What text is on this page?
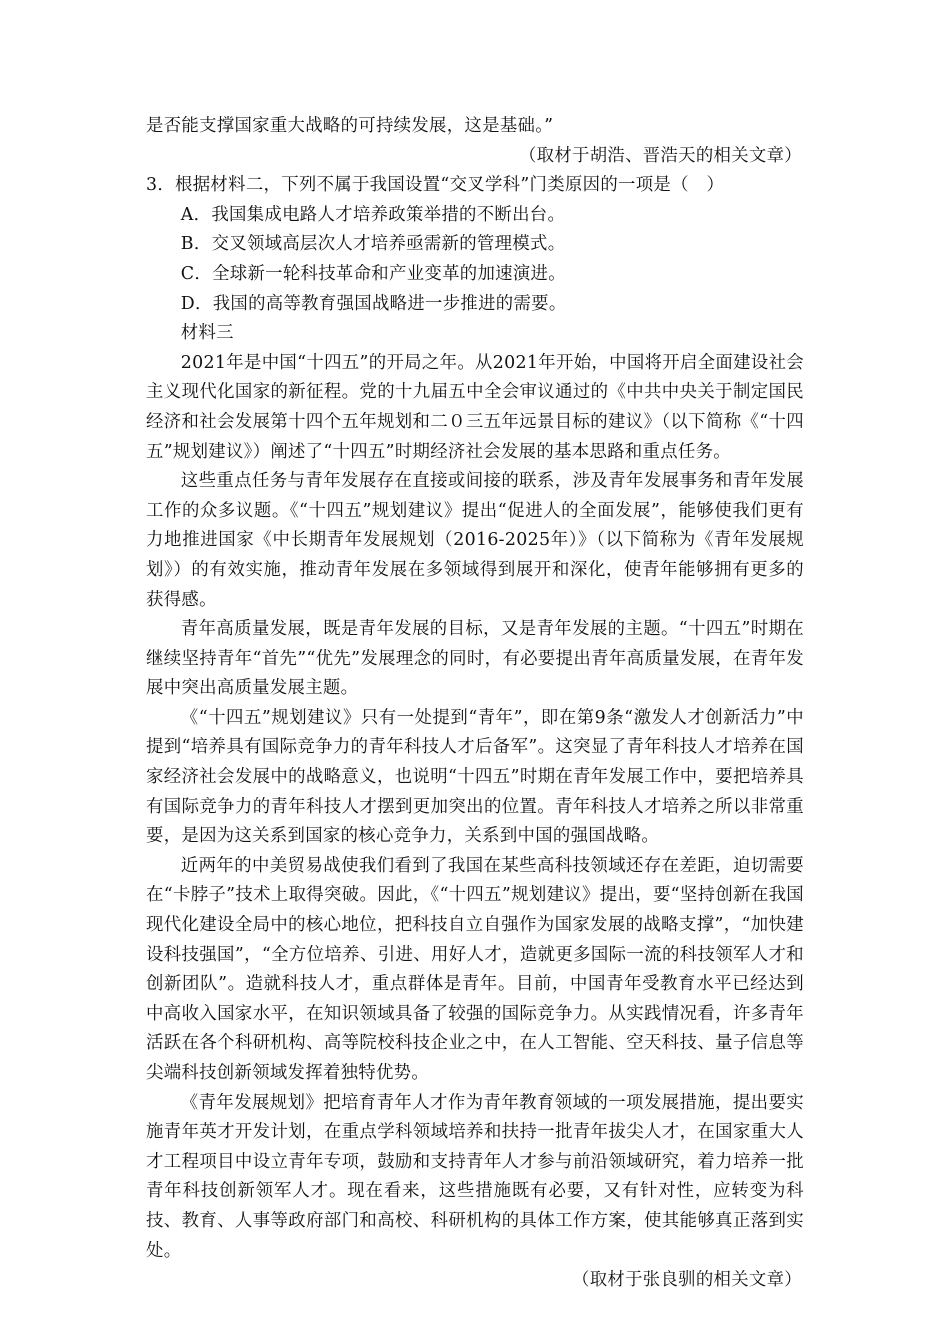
是否能支撑国家重大战略的可持续发展，这是基础。”

（取材于胡浩、晋浩天的相关文章）

3．根据材料二，下列不属于我国设置“交叉学科”门类原因的一项是（　）

A．我国集成电路人才培养政策举措的不断出台。

B．交叉领域高层次人才培养亟需新的管理模式。

C．全球新一轮科技革命和产业变革的加速演进。

D．我国的高等教育强国战略进一步推进的需要。

材料三

2021年是中国“十四五”的开局之年。从2021年开始，中国将开启全面建设社会主义现代化国家的新征程。党的十九届五中全会审议通过的《中共中央关于制定国民经济和社会发展第十四个五年规划和二０三五年远景目标的建议》（以下简称《“十四五”规划建议》）阐述了“十四五”时期经济社会发展的基本思路和重点任务。

这些重点任务与青年发展存在直接或间接的联系，涉及青年发展事务和青年发展工作的众多议题。《“十四五”规划建议》提出“促进人的全面发展”，能够使我们更有力地推进国家《中长期青年发展规划（2016-2025年）》（以下简称为《青年发展规划》）的有效实施，推动青年发展在多领域得到展开和深化，使青年能够拥有更多的获得感。

青年高质量发展，既是青年发展的目标，又是青年发展的主题。“十四五”时期在继续坚持青年“首先”“优先”发展理念的同时，有必要提出青年高质量发展，在青年发展中突出高质量发展主题。

《“十四五”规划建议》只有一处提到“青年”，即在第9条“激发人才创新活力”中提到“培养具有国际竞争力的青年科技人才后备军”。这突显了青年科技人才培养在国家经济社会发展中的战略意义，也说明“十四五”时期在青年发展工作中，要把培养具有国际竞争力的青年科技人才摆到更加突出的位置。青年科技人才培养之所以非常重要，是因为这关系到国家的核心竞争力，关系到中国的强国战略。

近两年的中美贸易战使我们看到了我国在某些高科技领域还存在差距，迫切需要在“卡脖子”技术上取得突破。因此，《“十四五”规划建议》提出，要“坚持创新在我国现代化建设全局中的核心地位，把科技自立自强作为国家发展的战略支撑”，“加快建设科技强国”，“全方位培养、引进、用好人才，造就更多国际一流的科技领军人才和创新团队”。造就科技人才，重点群体是青年。目前，中国青年受教育水平已经达到中高收入国家水平，在知识领域具备了较强的国际竞争力。从实践情况看，许多青年活跃在各个科研机构、高等院校科技企业之中，在人工智能、空天科技、量子信息等尖端科技创新领域发挥着独特优势。

《青年发展规划》把培育青年人才作为青年教育领域的一项发展措施，提出要实施青年英才开发计划，在重点学科领域培养和扶持一批青年拔尖人才，在国家重大人才工程项目中设立青年专项，鼓励和支持青年人才参与前沿领域研究，着力培养一批青年科技创新领军人才。现在看来，这些措施既有必要，又有针对性，应转变为科技、教育、人事等政府部门和高校、科研机构的具体工作方案，使其能够真正落到实处。

（取材于张良驯的相关文章）
